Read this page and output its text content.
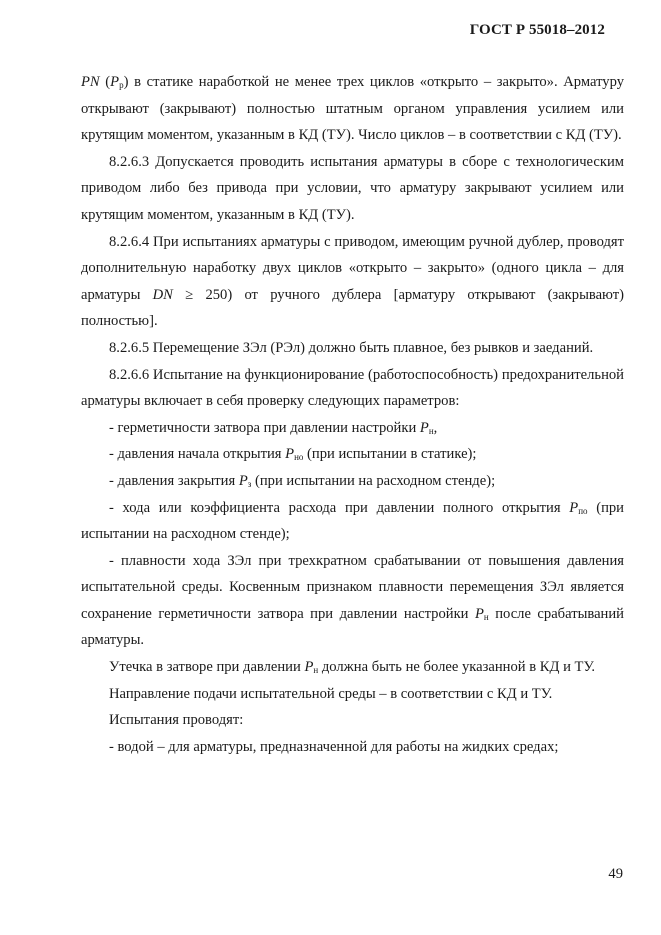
ГОСТ Р 55018–2012

PN $(P_р)$ в статике наработкой не менее трех циклов «открыто – закрыто». Арматуру открывают (закрывают) полностью штатным органом управления усилием или крутящим моментом, указанным в КД (ТУ). Число циклов – в соответствии с КД (ТУ).

8.2.6.3 Допускается проводить испытания арматуры в сборе с технологическим приводом либо без привода при условии, что арматуру закрывают усилием или крутящим моментом, указанным в КД (ТУ).

8.2.6.4 При испытаниях арматуры с приводом, имеющим ручной дублер, проводят дополнительную наработку двух циклов «открыто – закрыто» (одного цикла – для арматуры DN ≥ 250) от ручного дублера [арматуру открывают (закрывают) полностью].

8.2.6.5 Перемещение ЗЭл (РЭл) должно быть плавное, без рывков и заеданий.

8.2.6.6 Испытание на функционирование (работоспособность) предохранительной арматуры включает в себя проверку следующих параметров:

- герметичности затвора при давлении настройки $P_н$,

- давления начала открытия $P_{но}$ (при испытании в статике);

- давления закрытия $P_з$ (при испытании на расходном стенде);

- хода или коэффициента расхода при давлении полного открытия $P_{по}$ (при испытании на расходном стенде);

- плавности хода ЗЭл при трехкратном срабатывании от повышения давления испытательной среды. Косвенным признаком плавности перемещения ЗЭл является сохранение герметичности затвора при давлении настройки $P_н$ после срабатываний арматуры.

Утечка в затворе при давлении $P_н$ должна быть не более указанной в КД и ТУ.

Направление подачи испытательной среды – в соответствии с КД и ТУ.

Испытания проводят:

- водой – для арматуры, предназначенной для работы на жидких средах;

49
